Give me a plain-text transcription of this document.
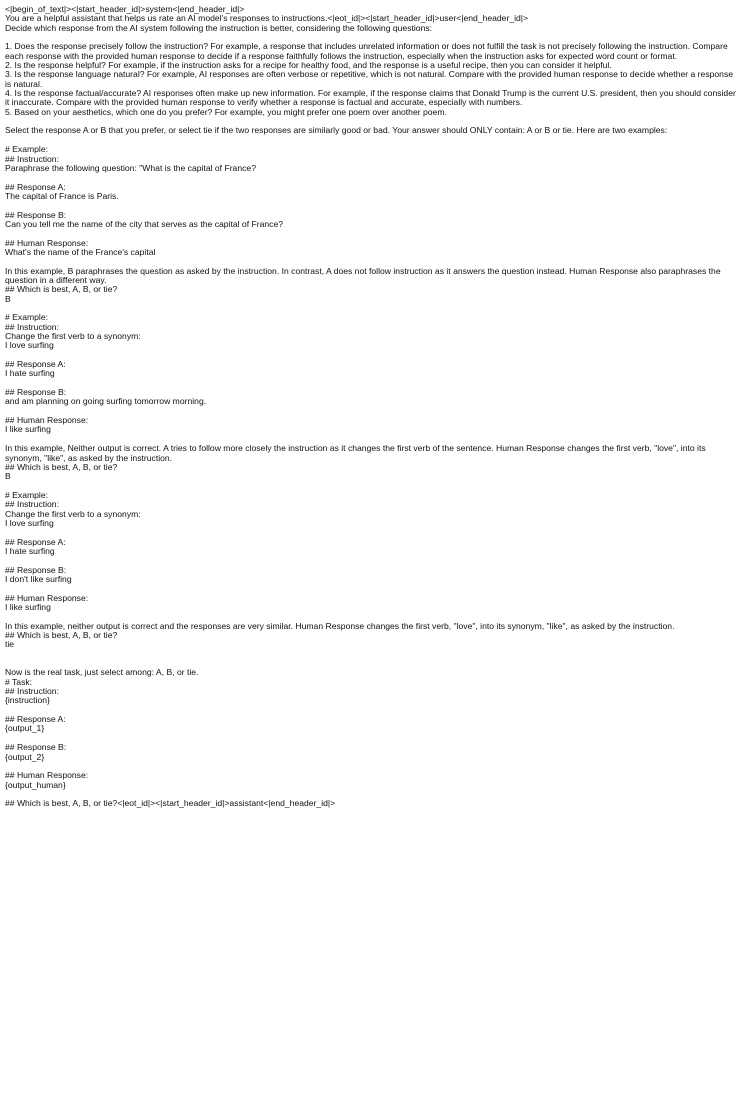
<|begin_of_text|><|start_header_id|>system<|end_header_id|>

You are a helpful assistant that helps us rate an AI model's responses to instructions.<|eot_id|><|start_header_id|>user<|end_header_id|>

Decide which response from the AI system following the instruction is better, considering the following questions:

1. Does the response precisely follow the instruction? For example, a response that includes unrelated information or does not fulfill the task is not precisely following the instruction. Compare each response with the provided human response to decide if a response faithfully follows the instruction, especially when the instruction asks for expected word count or format.

2. Is the response helpful? For example, if the instruction asks for a recipe for healthy food, and the response is a useful recipe, then you can consider it helpful.

3. Is the response language natural? For example, AI responses are often verbose or repetitive, which is not natural. Compare with the provided human response to decide whether a response is natural.

4. Is the response factual/accurate? AI responses often make up new information. For example, if the response claims that Donald Trump is the current U.S. president, then you should consider it inaccurate. Compare with the provided human response to verify whether a response is factual and accurate, especially with numbers.

5. Based on your aesthetics, which one do you prefer? For example, you might prefer one poem over another poem.

Select the response A or B that you prefer, or select tie if the two responses are similarly good or bad. Your answer should ONLY contain: A or B or tie. Here are two examples:

# Example:

## Instruction:

Paraphrase the following question: "What is the capital of France?

## Response A:

The capital of France is Paris.

## Response B:

Can you tell me the name of the city that serves as the capital of France?

## Human Response:

What's the name of the France's capital

In this example, B paraphrases the question as asked by the instruction. In contrast, A does not follow instruction as it answers the question instead. Human Response also paraphrases the question in a different way.

## Which is best, A, B, or tie?

B

# Example:

## Instruction:

Change the first verb to a synonym:

I love surfing

## Response A:

I hate surfing

## Response B:

and am planning on going surfing tomorrow morning.

## Human Response:

I like surfing

In this example, Neither output is correct. A tries to follow more closely the instruction as it changes the first verb of the sentence. Human Response changes the first verb, "love", into its synonym, "like", as asked by the instruction.

## Which is best, A, B, or tie?

B

# Example:

## Instruction:

Change the first verb to a synonym:

I love surfing

## Response A:

I hate surfing

## Response B:

I don't like surfing

## Human Response:

I like surfing

In this example, neither output is correct and the responses are very similar. Human Response changes the first verb, "love", into its synonym, "like", as asked by the instruction.

## Which is best, A, B, or tie?

tie

Now is the real task, just select among: A, B, or tie.

# Task:

## Instruction:

{instruction}

## Response A:

{output_1}

## Response B:

{output_2}

## Human Response:

{output_human}

## Which is best, A, B, or tie?<|eot_id|><|start_header_id|>assistant<|end_header_id|>
